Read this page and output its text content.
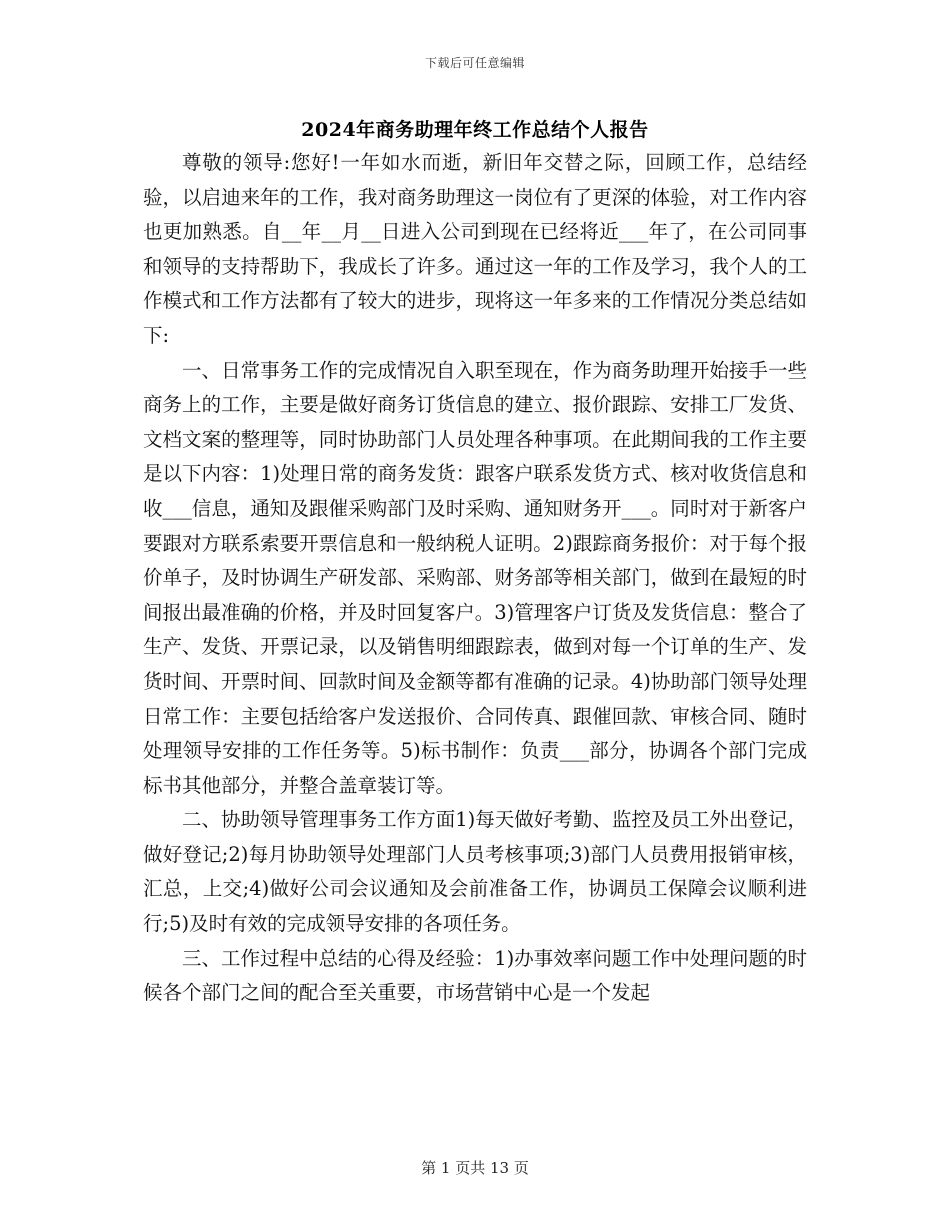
下载后可任意编辑
2024年商务助理年终工作总结个人报告

尊敬的领导:您好!一年如水而逝，新旧年交替之际，回顾工作，总结经验，以启迪来年的工作，我对商务助理这一岗位有了更深的体验，对工作内容也更加熟悉。自__年__月__日进入公司到现在已经将近___年了，在公司同事和领导的支持帮助下，我成长了许多。通过这一年的工作及学习，我个人的工作模式和工作方法都有了较大的进步，现将这一年多来的工作情况分类总结如下:

一、日常事务工作的完成情况自入职至现在，作为商务助理开始接手一些商务上的工作，主要是做好商务订货信息的建立、报价跟踪、安排工厂发货、文档文案的整理等，同时协助部门人员处理各种事项。在此期间我的工作主要是以下内容：1)处理日常的商务发货：跟客户联系发货方式、核对收货信息和收___信息，通知及跟催采购部门及时采购、通知财务开___。同时对于新客户要跟对方联系索要开票信息和一般纳税人证明。2)跟踪商务报价：对于每个报价单子，及时协调生产研发部、采购部、财务部等相关部门，做到在最短的时间报出最准确的价格，并及时回复客户。3)管理客户订货及发货信息：整合了生产、发货、开票记录，以及销售明细跟踪表，做到对每一个订单的生产、发货时间、开票时间、回款时间及金额等都有准确的记录。4)协助部门领导处理日常工作：主要包括给客户发送报价、合同传真、跟催回款、审核合同、随时处理领导安排的工作任务等。5)标书制作：负责___部分，协调各个部门完成标书其他部分，并整合盖章装订等。

二、协助领导管理事务工作方面1)每天做好考勤、监控及员工外出登记，做好登记;2)每月协助领导处理部门人员考核事项;3)部门人员费用报销审核，汇总，上交;4)做好公司会议通知及会前准备工作，协调员工保障会议顺利进行;5)及时有效的完成领导安排的各项任务。

三、工作过程中总结的心得及经验：1)办事效率问题工作中处理问题的时候各个部门之间的配合至关重要，市场营销中心是一个发起

第 1 页共 13 页
